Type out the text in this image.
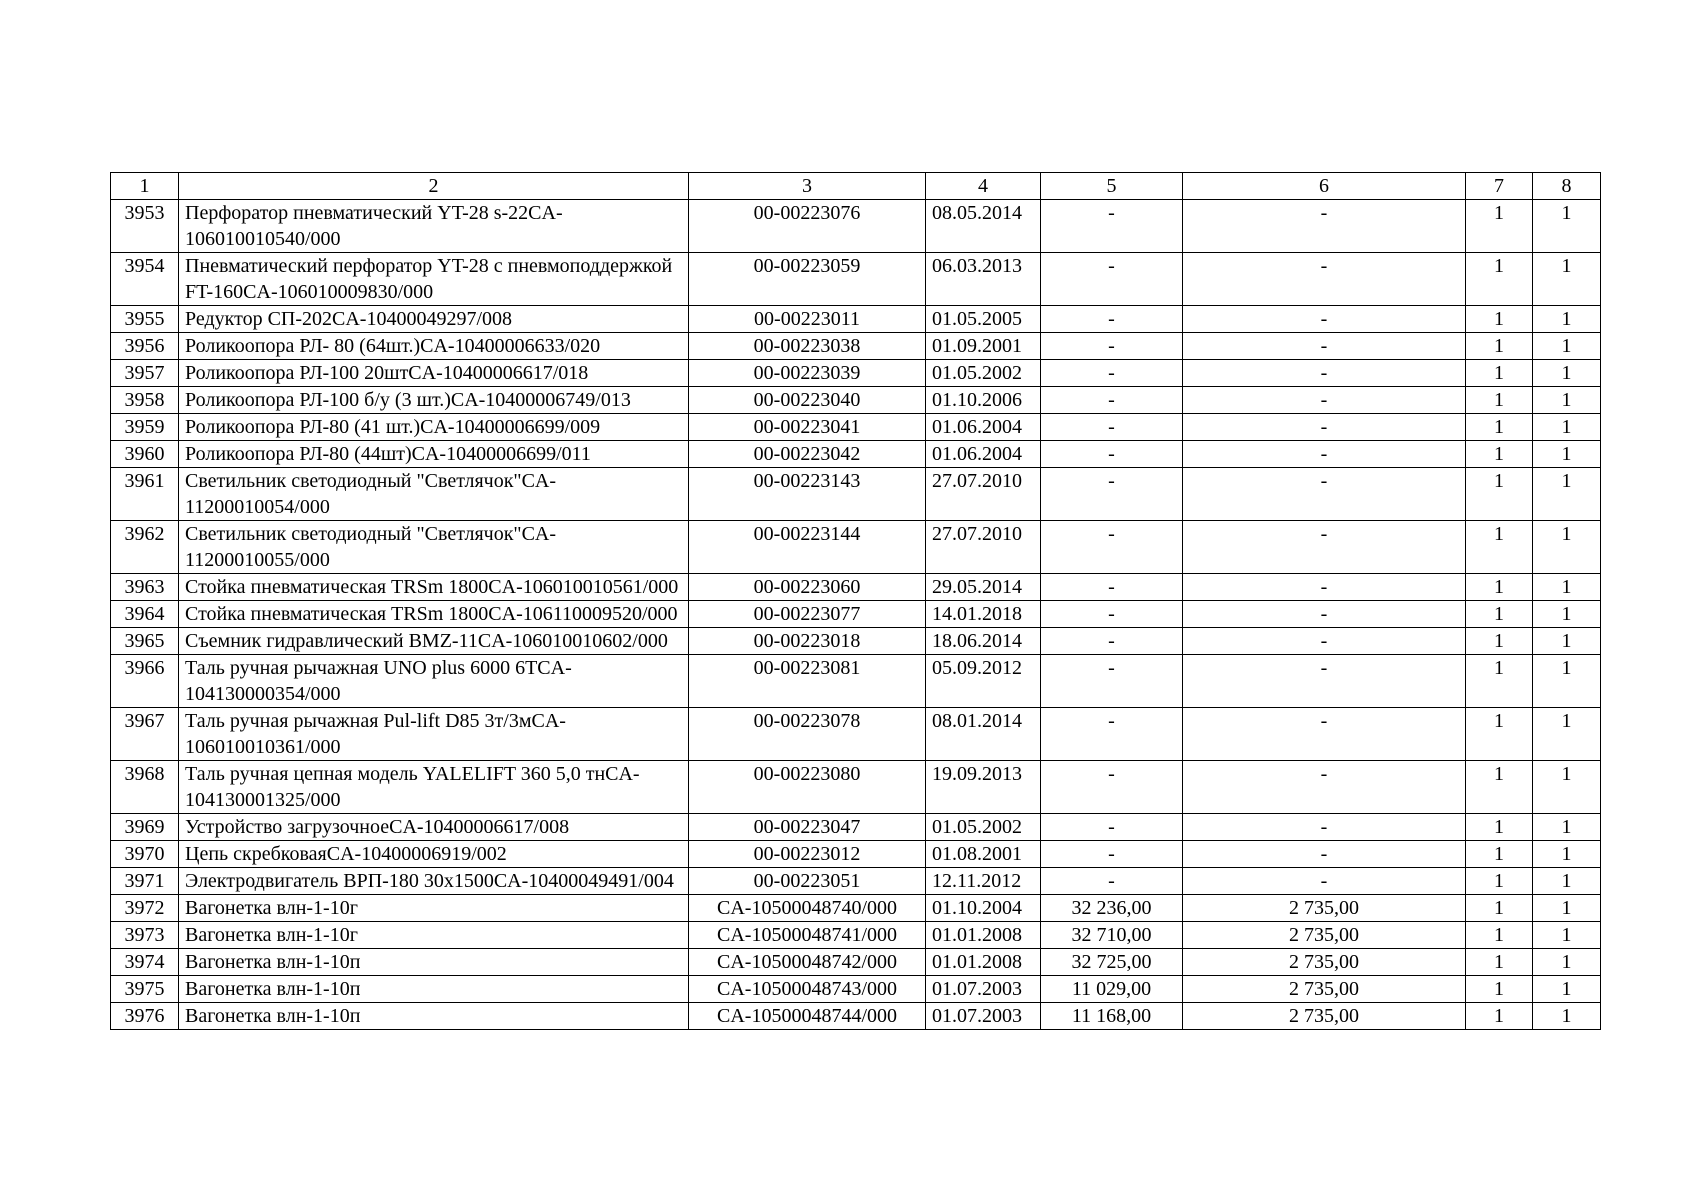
1	2	3	4	5	6	7	8
3953	Перфоратор пневматический YT-28 s-22CA-106010010540/000	00-00223076	08.05.2014	-	-	1	1
3954	Пневматический перфоратор YT-28 с пневмоподдержкой FT-160CA-106010009830/000	00-00223059	06.03.2013	-	-	1	1
3955	Редуктор СП-202CA-10400049297/008	00-00223011	01.05.2005	-	-	1	1
3956	Роликоопора РЛ- 80 (64шт.)CA-10400006633/020	00-00223038	01.09.2001	-	-	1	1
3957	Роликоопора РЛ-100 20штCA-10400006617/018	00-00223039	01.05.2002	-	-	1	1
3958	Роликоопора РЛ-100 б/у (3 шт.)CA-10400006749/013	00-00223040	01.10.2006	-	-	1	1
3959	Роликоопора РЛ-80 (41 шт.)CA-10400006699/009	00-00223041	01.06.2004	-	-	1	1
3960	Роликоопора РЛ-80 (44шт)CA-10400006699/011	00-00223042	01.06.2004	-	-	1	1
3961	Светильник светодиодный "Светлячок"CA-11200010054/000	00-00223143	27.07.2010	-	-	1	1
3962	Светильник светодиодный "Светлячок"CA-11200010055/000	00-00223144	27.07.2010	-	-	1	1
3963	Стойка пневматическая TRSm 1800CA-106010010561/000	00-00223060	29.05.2014	-	-	1	1
3964	Стойка пневматическая TRSm 1800CA-106110009520/000	00-00223077	14.01.2018	-	-	1	1
3965	Съемник гидравлический BMZ-11CA-106010010602/000	00-00223018	18.06.2014	-	-	1	1
3966	Таль ручная рычажная UNO plus 6000 6TCA-104130000354/000	00-00223081	05.09.2012	-	-	1	1
3967	Таль ручная рычажная Pul-lift D85 3т/3мCA-106010010361/000	00-00223078	08.01.2014	-	-	1	1
3968	Таль ручная цепная модель YALELIFT 360 5,0 тнCA-104130001325/000	00-00223080	19.09.2013	-	-	1	1
3969	Устройство загрузочноеCA-10400006617/008	00-00223047	01.05.2002	-	-	1	1
3970	Цепь скребковаяCA-10400006919/002	00-00223012	01.08.2001	-	-	1	1
3971	Электродвигатель ВРП-180 30х1500CA-10400049491/004	00-00223051	12.11.2012	-	-	1	1
3972	Вагонетка влн-1-10г	CA-10500048740/000	01.10.2004	32 236,00	2 735,00	1	1
3973	Вагонетка влн-1-10г	CA-10500048741/000	01.01.2008	32 710,00	2 735,00	1	1
3974	Вагонетка влн-1-10п	CA-10500048742/000	01.01.2008	32 725,00	2 735,00	1	1
3975	Вагонетка влн-1-10п	CA-10500048743/000	01.07.2003	11 029,00	2 735,00	1	1
3976	Вагонетка влн-1-10п	CA-10500048744/000	01.07.2003	11 168,00	2 735,00	1	1
